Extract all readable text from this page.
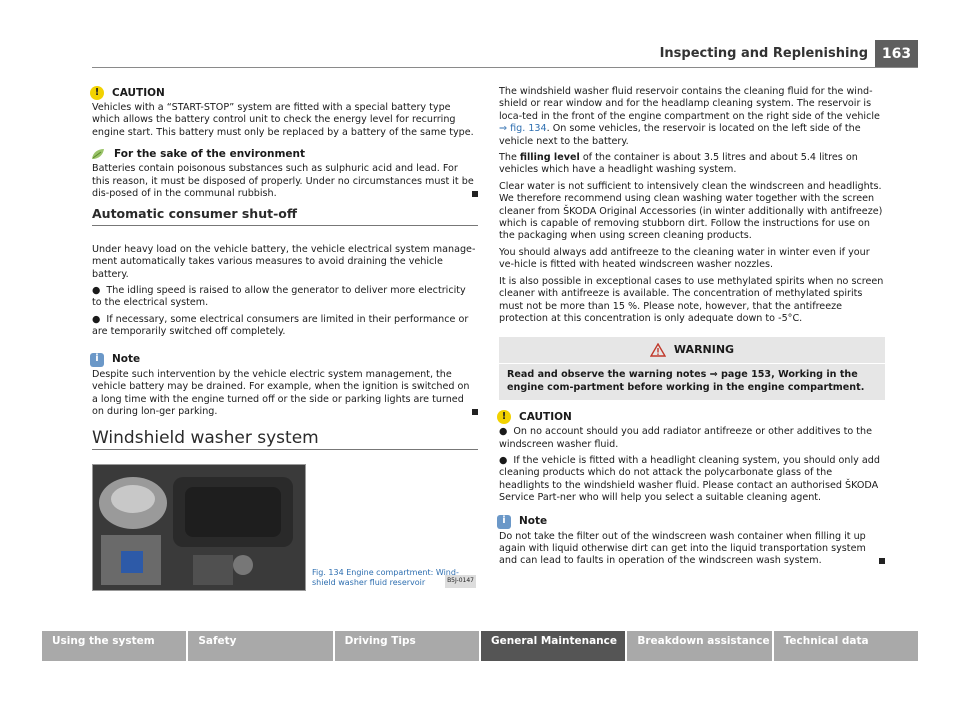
Inspecting and Replenishing 163
!	CAUTION

Vehicles with a “START-STOP” system are fitted with a special battery type which allows the battery control unit to check the energy level for recurring engine start. This battery must only be replaced by a battery of the same type.

For the sake of the environment

Batteries contain poisonous substances such as sulphuric acid and lead. For this reason, it must be disposed of properly. Under no circumstances must it be dis-posed of in the communal rubbish.

Automatic consumer shut-off

Under heavy load on the vehicle battery, the vehicle electrical system manage-ment automatically takes various measures to avoid draining the vehicle battery.

● The idling speed is raised to allow the generator to deliver more electricity to the electrical system.

● If necessary, some electrical consumers are limited in their performance or are temporarily switched off completely.

i	Note

Despite such intervention by the vehicle electric system management, the vehicle battery may be drained. For example, when the ignition is switched on a long time with the engine turned off or the side or parking lights are turned on during lon-ger parking.

Windshield washer system
B5J-0147
Fig. 134 Engine compartment: Wind-shield washer fluid reservoir

The windshield washer fluid reservoir contains the cleaning fluid for the wind-shield or rear window and for the headlamp cleaning system. The reservoir is loca-ted in the front of the engine compartment on the right side of the vehicle ⇒ fig. 134. On some vehicles, the reservoir is located on the left side of the vehicle next to the battery.

The filling level of the container is about 3.5 litres and about 5.4 litres on vehicles which have a headlight washing system.

Clear water is not sufficient to intensively clean the windscreen and headlights. We therefore recommend using clean washing water together with the screen cleaner from ŠKODA Original Accessories (in winter additionally with antifreeze) which is capable of removing stubborn dirt. Follow the instructions for use on the packaging when using screen cleaning products.

You should always add antifreeze to the cleaning water in winter even if your ve-hicle is fitted with heated windscreen washer nozzles.

It is also possible in exceptional cases to use methylated spirits when no screen cleaner with antifreeze is available. The concentration of methylated spirits must not be more than 15 %. Please note, however, that the antifreeze protection at this concentration is only adequate down to -5°C.

WARNING
Read and observe the warning notes ⇒ page 153, Working in the engine com-partment before working in the engine compartment.
!	CAUTION

● On no account should you add radiator antifreeze or other additives to the windscreen washer fluid.

● If the vehicle is fitted with a headlight cleaning system, you should only add cleaning products which do not attack the polycarbonate glass of the headlights to the windshield washer fluid. Please contact an authorised ŠKODA Service Part-ner who will help you select a suitable cleaning agent.

i	Note

Do not take the filter out of the windscreen wash container when filling it up again with liquid otherwise dirt can get into the liquid transportation system and can lead to faults in operation of the windscreen wash system.

Using the system	Safety	Driving Tips	General Maintenance	Breakdown assistance	Technical data
